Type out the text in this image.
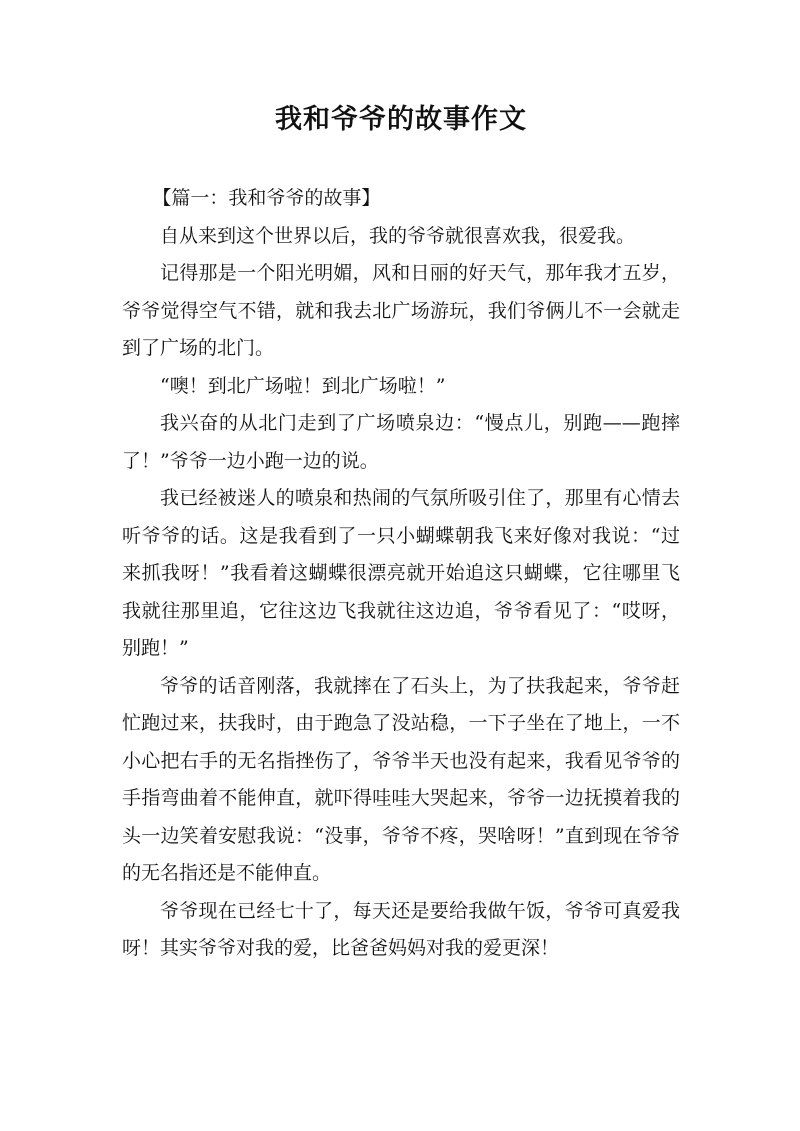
我和爷爷的故事作文

【篇一：我和爷爷的故事】

自从来到这个世界以后，我的爷爷就很喜欢我，很爱我。

记得那是一个阳光明媚，风和日丽的好天气，那年我才五岁，爷爷觉得空气不错，就和我去北广场游玩，我们爷俩儿不一会就走到了广场的北门。

“噢！到北广场啦！到北广场啦！”

我兴奋的从北门走到了广场喷泉边：“慢点儿，别跑——跑摔了！”爷爷一边小跑一边的说。

我已经被迷人的喷泉和热闹的气氛所吸引住了，那里有心情去听爷爷的话。这是我看到了一只小蝴蝶朝我飞来好像对我说：“过来抓我呀！”我看着这蝴蝶很漂亮就开始追这只蝴蝶，它往哪里飞我就往那里追，它往这边飞我就往这边追，爷爷看见了：“哎呀，别跑！”

爷爷的话音刚落，我就摔在了石头上，为了扶我起来，爷爷赶忙跑过来，扶我时，由于跑急了没站稳，一下子坐在了地上，一不小心把右手的无名指挫伤了，爷爷半天也没有起来，我看见爷爷的手指弯曲着不能伸直，就吓得哇哇大哭起来，爷爷一边抚摸着我的头一边笑着安慰我说：“没事，爷爷不疼，哭啥呀！”直到现在爷爷的无名指还是不能伸直。

爷爷现在已经七十了，每天还是要给我做午饭，爷爷可真爱我呀！其实爷爷对我的爱，比爸爸妈妈对我的爱更深！
